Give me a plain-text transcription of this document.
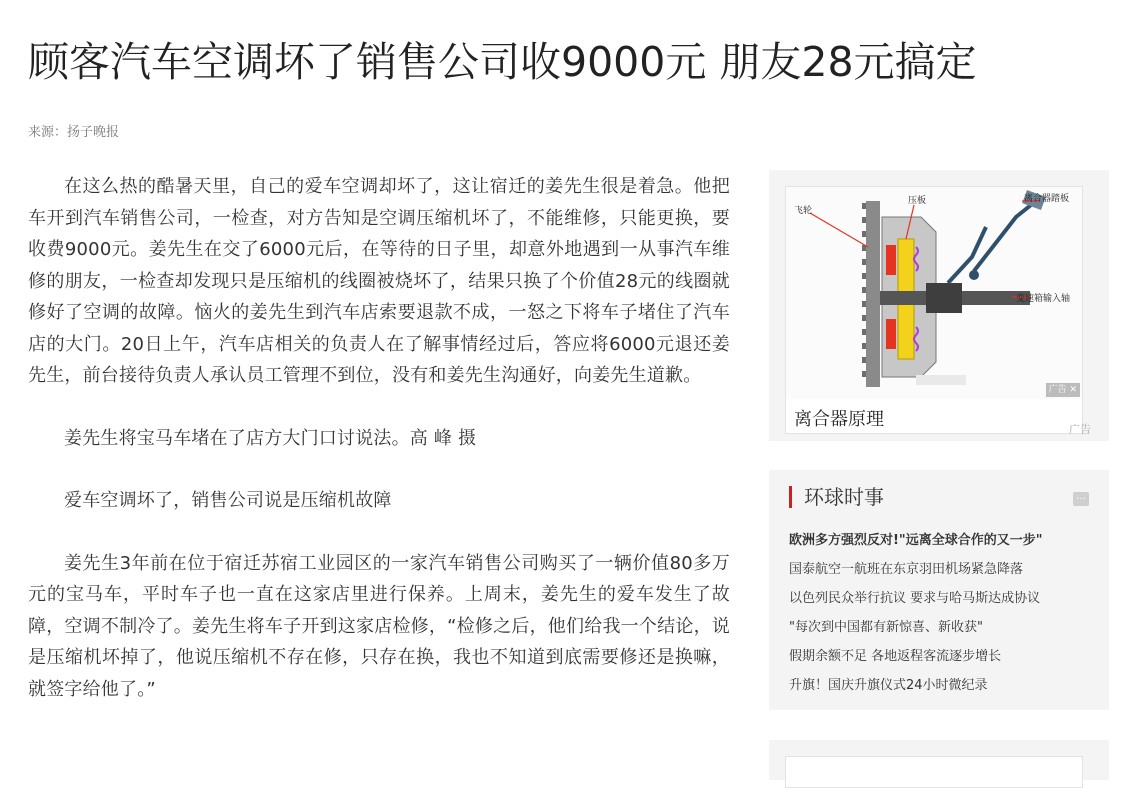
顾客汽车空调坏了销售公司收9000元 朋友28元搞定
来源：扬子晚报

在这么热的酷暑天里，自己的爱车空调却坏了，这让宿迁的姜先生很是着急。他把车开到汽车销售公司，一检查，对方告知是空调压缩机坏了，不能维修，只能更换，要收费9000元。姜先生在交了6000元后，在等待的日子里，却意外地遇到一从事汽车维修的朋友，一检查却发现只是压缩机的线圈被烧坏了，结果只换了个价值28元的线圈就修好了空调的故障。恼火的姜先生到汽车店索要退款不成，一怒之下将车子堵住了汽车店的大门。20日上午，汽车店相关的负责人在了解事情经过后，答应将6000元退还姜先生，前台接待负责人承认员工管理不到位，没有和姜先生沟通好，向姜先生道歉。

姜先生将宝马车堵在了店方大门口讨说法。高 峰 摄

爱车空调坏了，销售公司说是压缩机故障

姜先生3年前在位于宿迁苏宿工业园区的一家汽车销售公司购买了一辆价值80多万元的宝马车，平时车子也一直在这家店里进行保养。上周末，姜先生的爱车发生了故障，空调不制冷了。姜先生将车子开到这家店检修，“检修之后，他们给我一个结论，说是压缩机坏掉了，他说压缩机不存在修，只存在换，我也不知道到底需要修还是换嘛，就签字给他了。”

飞轮
压板	离合器踏板
变速箱输入轴
广告 ✕
离合器原理	广告
环球时事	…
欧洲多方强烈反对!"远离全球合作的又一步"
国泰航空一航班在东京羽田机场紧急降落
以色列民众举行抗议 要求与哈马斯达成协议
"每次到中国都有新惊喜、新收获"
假期余额不足 各地返程客流逐步增长
升旗！国庆升旗仪式24小时微纪录
